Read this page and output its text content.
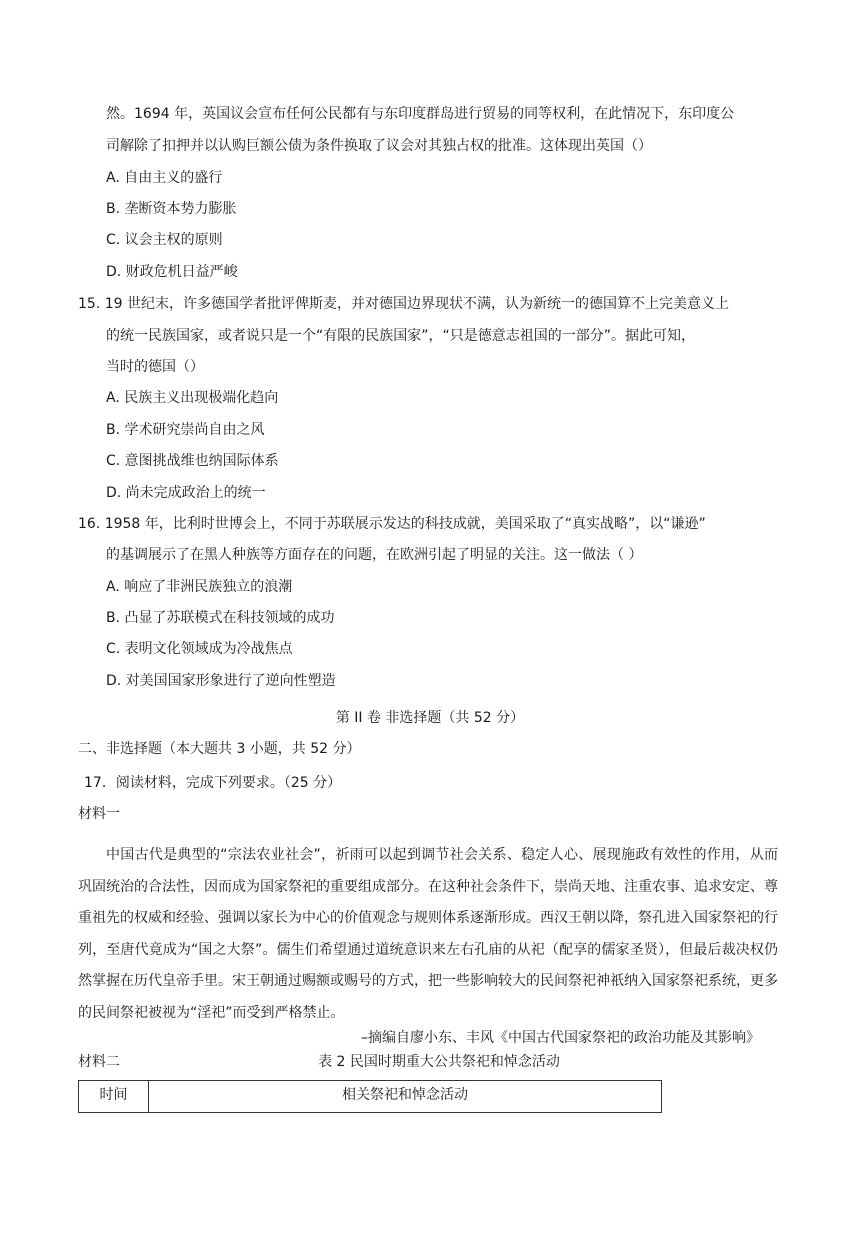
然。1694 年，英国议会宣布任何公民都有与东印度群岛进行贸易的同等权利，在此情况下，东印度公
司解除了扣押并以认购巨额公债为条件换取了议会对其独占权的批准。这体现出英国（）
A. 自由主义的盛行
B. 垄断资本势力膨胀
C. 议会主权的原则
D. 财政危机日益严峻
15. 19 世纪末，许多德国学者批评俾斯麦，并对德国边界现状不满，认为新统一的德国算不上完美意义上
的统一民族国家，或者说只是一个“有限的民族国家”，“只是德意志祖国的一部分”。据此可知，
当时的德国（）
A. 民族主义出现极端化趋向
B. 学术研究崇尚自由之风
C. 意图挑战维也纳国际体系
D. 尚未完成政治上的统一
16. 1958 年，比利时世博会上，不同于苏联展示发达的科技成就，美国采取了“真实战略”，以“谦逊”
的基调展示了在黑人种族等方面存在的问题，在欧洲引起了明显的关注。这一做法（ ）
A. 响应了非洲民族独立的浪潮
B. 凸显了苏联模式在科技领域的成功
C. 表明文化领域成为冷战焦点
D. 对美国国家形象进行了逆向性塑造
第 II 卷 非选择题（共 52 分）
二、非选择题（本大题共 3 小题，共 52 分）
17．阅读材料，完成下列要求。（25 分）
材料一
中国古代是典型的“宗法农业社会”，祈雨可以起到调节社会关系、稳定人心、展现施政有效性的作用，从而巩固统治的合法性，因而成为国家祭祀的重要组成部分。在这种社会条件下，崇尚天地、注重农事、追求安定、尊重祖先的权威和经验、强调以家长为中心的价值观念与规则体系逐渐形成。西汉王朝以降，祭孔进入国家祭祀的行列，至唐代竟成为“国之大祭”。儒生们希望通过道统意识来左右孔庙的从祀（配享的儒家圣贤），但最后裁决权仍然掌握在历代皇帝手里。宋王朝通过赐额或赐号的方式，把一些影响较大的民间祭祀神祇纳入国家祭祀系统，更多的民间祭祀被视为“淫祀”而受到严格禁止。
–摘编自廖小东、丰风《中国古代国家祭祀的政治功能及其影响》
材料二	表 2 民国时期重大公共祭祀和悼念活动
时间	相关祭祀和悼念活动
